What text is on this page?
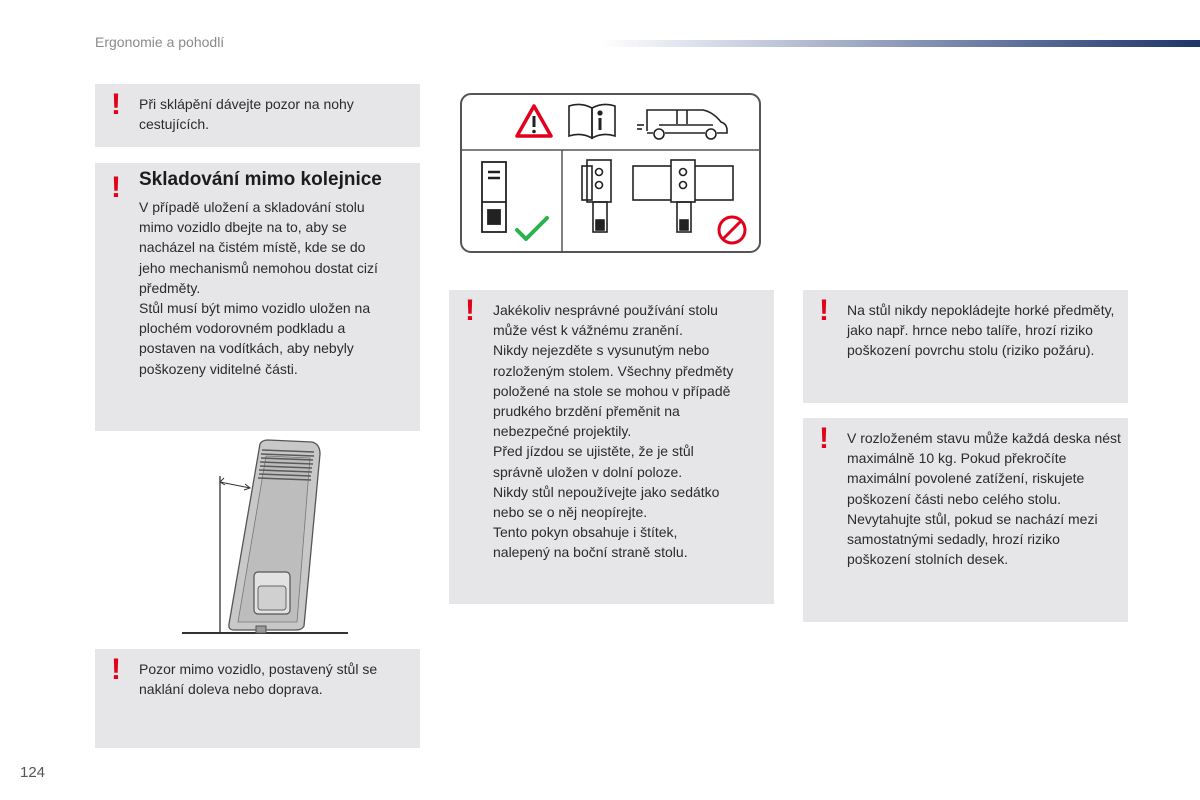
Ergonomie a pohodlí
! Při sklápění dávejte pozor na nohy cestujících.
! Skladování mimo kolejnice

V případě uložení a skladování stolu mimo vozidlo dbejte na to, aby se nacházel na čistém místě, kde se do jeho mechanismů nemohou dostat cizí předměty.

Stůl musí být mimo vozidlo uložen na plochém vodorovném podkladu a postaven na vodítkách, aby nebyly poškozeny viditelné části.

! Pozor mimo vozidlo, postavený stůl se naklání doleva nebo doprava.
! Jakékoliv nesprávné používání stolu může vést k vážnému zranění.

Nikdy nejezděte s vysunutým nebo rozloženým stolem. Všechny předměty položené na stole se mohou v případě prudkého brzdění přeměnit na nebezpečné projektily.

Před jízdou se ujistěte, že je stůl správně uložen v dolní poloze.

Nikdy stůl nepoužívejte jako sedátko nebo se o něj neopírejte.

Tento pokyn obsahuje i štítek, nalepený na boční straně stolu.

! Na stůl nikdy nepokládejte horké předměty, jako např. hrnce nebo talíře, hrozí riziko poškození povrchu stolu (riziko požáru).
! V rozloženém stavu může každá deska nést maximálně 10 kg. Pokud překročíte maximální povolené zatížení, riskujete poškození části nebo celého stolu.

Nevytahujte stůl, pokud se nachází mezi samostatnými sedadly, hrozí riziko poškození stolních desek.

124
